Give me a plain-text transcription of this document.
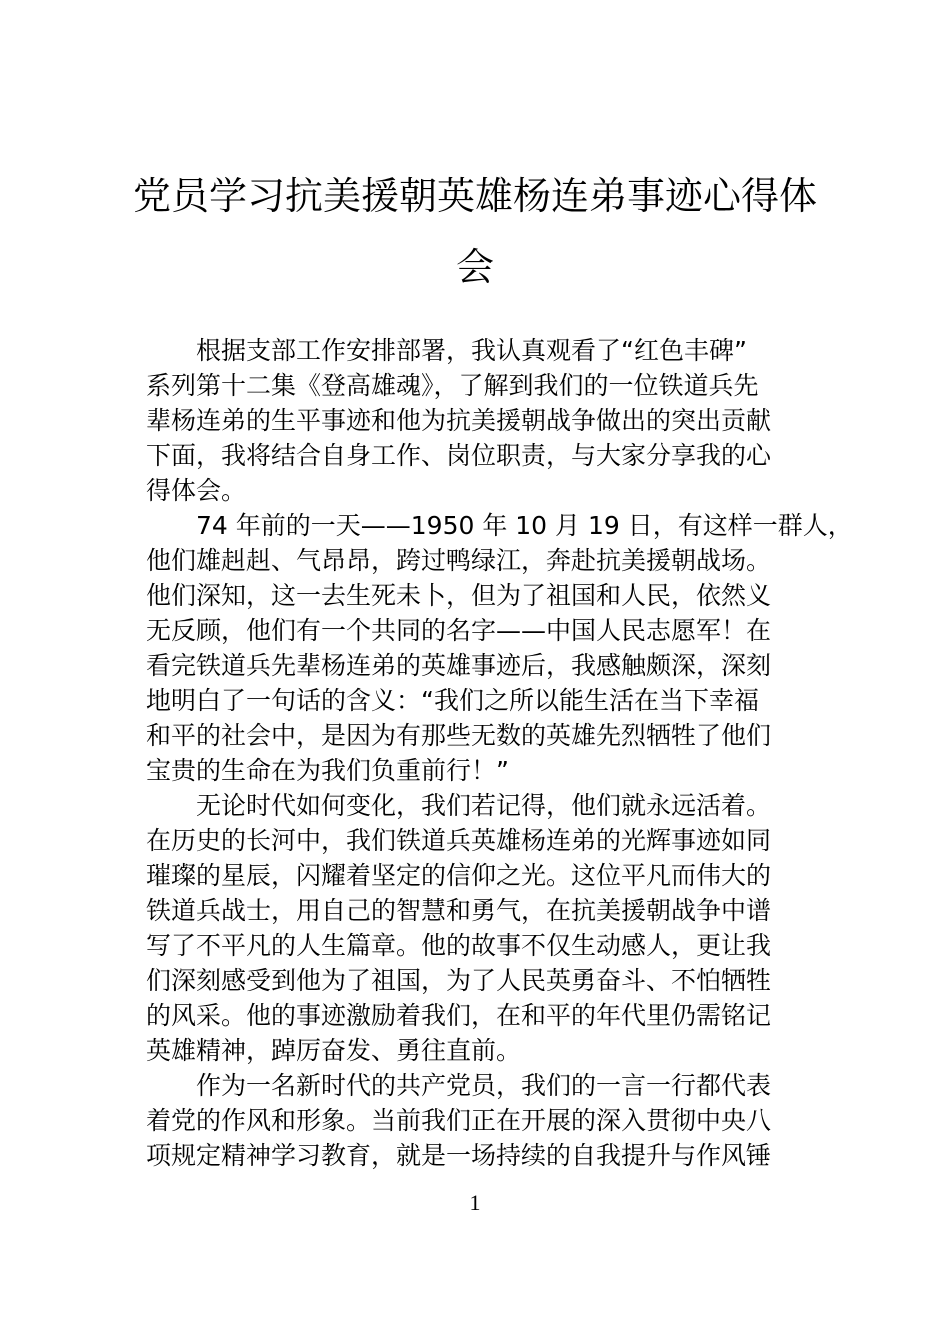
党员学习抗美援朝英雄杨连弟事迹心得体
会
　　根据支部工作安排部署，我认真观看了“红色丰碑”
系列第十二集《登高雄魂》，了解到我们的一位铁道兵先
辈杨连弟的生平事迹和他为抗美援朝战争做出的突出贡献
下面，我将结合自身工作、岗位职责，与大家分享我的心
得体会。
　　74 年前的一天——1950 年 10 月 19 日，有这样一群人，
他们雄赳赳、气昂昂，跨过鸭绿江，奔赴抗美援朝战场。
他们深知，这一去生死未卜，但为了祖国和人民，依然义
无反顾，他们有一个共同的名字——中国人民志愿军！在
看完铁道兵先辈杨连弟的英雄事迹后，我感触颇深，深刻
地明白了一句话的含义：“我们之所以能生活在当下幸福
和平的社会中，是因为有那些无数的英雄先烈牺牲了他们
宝贵的生命在为我们负重前行！”
　　无论时代如何变化，我们若记得，他们就永远活着。
在历史的长河中，我们铁道兵英雄杨连弟的光辉事迹如同
璀璨的星辰，闪耀着坚定的信仰之光。这位平凡而伟大的
铁道兵战士，用自己的智慧和勇气，在抗美援朝战争中谱
写了不平凡的人生篇章。他的故事不仅生动感人，更让我
们深刻感受到他为了祖国，为了人民英勇奋斗、不怕牺牲
的风采。他的事迹激励着我们，在和平的年代里仍需铭记
英雄精神，踔厉奋发、勇往直前。
　　作为一名新时代的共产党员，我们的一言一行都代表
着党的作风和形象。当前我们正在开展的深入贯彻中央八
项规定精神学习教育，就是一场持续的自我提升与作风锤
1
